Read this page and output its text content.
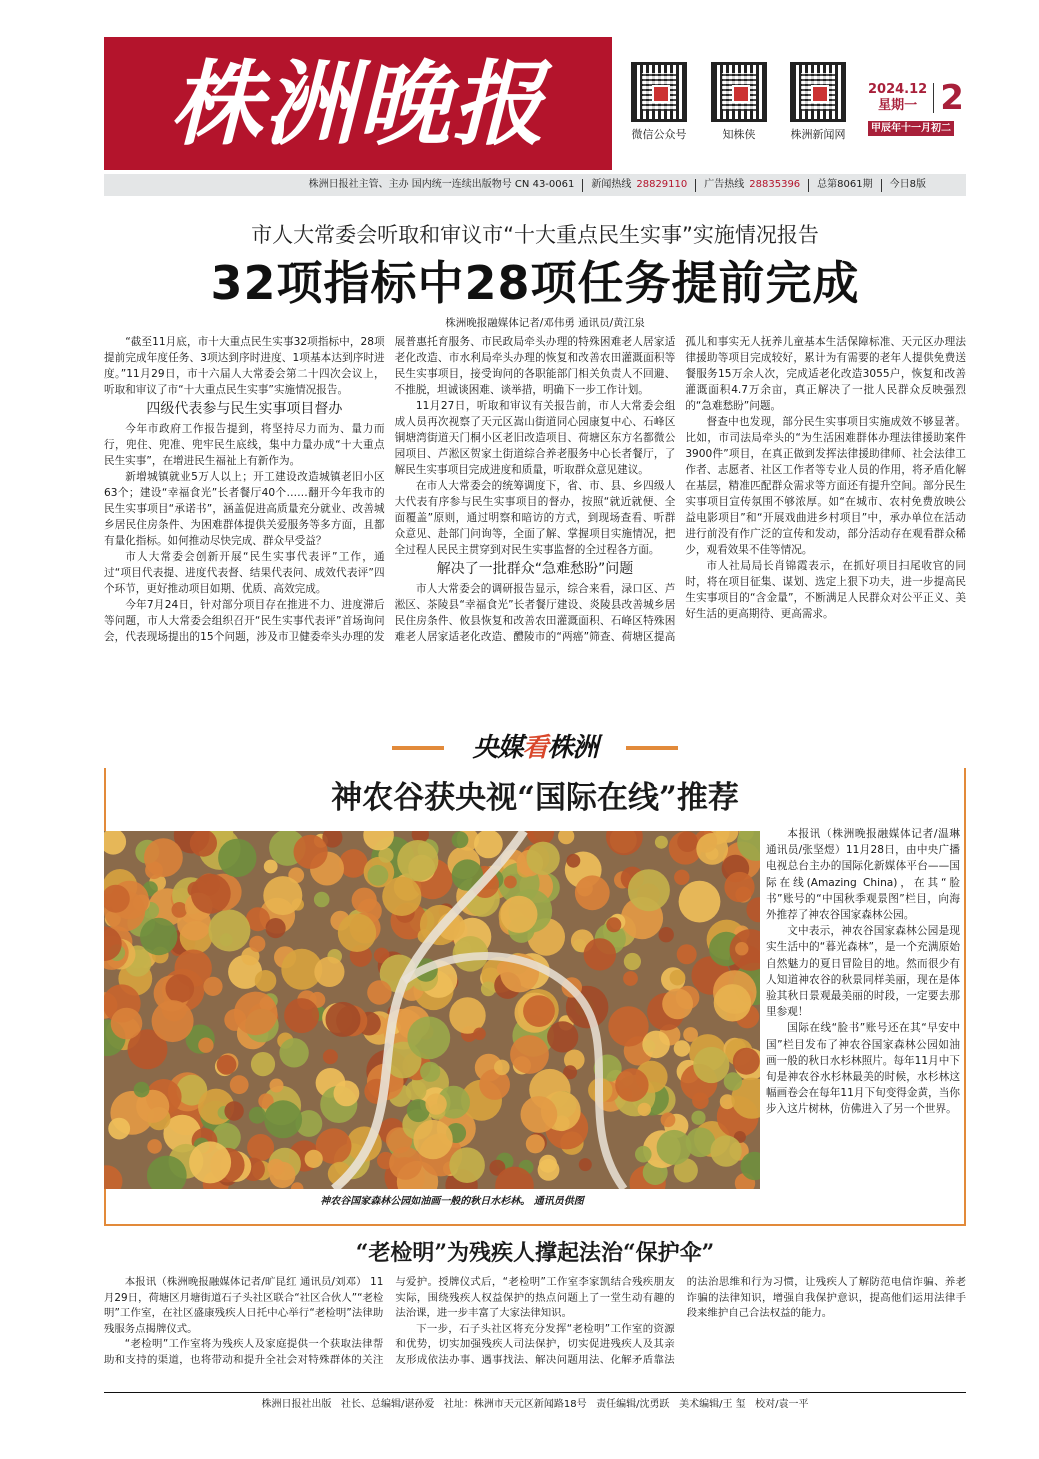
株洲晚报	微信公众号	知株侠	株洲新闻网
2024.12
星期一 2
甲辰年十一月初二
株洲日报社主管、主办 国内统一连续出版物号 CN 43-0061 新闻热线 28829110 广告热线 28835396 总第8061期 今日8版
市人大常委会听取和审议市“十大重点民生实事”实施情况报告
32项指标中28项任务提前完成
株洲晚报融媒体记者/邓伟勇 通讯员/黄江泉

“截至11月底，市十大重点民生实事32项指标中，28项提前完成年度任务、3项达到序时进度、1项基本达到序时进度。”11月29日，市十六届人大常委会第二十四次会议上，听取和审议了市“十大重点民生实事”实施情况报告。

四级代表参与民生实事项目督办

今年市政府工作报告提到，将坚持尽力而为、量力而行，兜住、兜准、兜牢民生底线，集中力量办成“十大重点民生实事”，在增进民生福祉上有新作为。

新增城镇就业5万人以上；开工建设改造城镇老旧小区63个；建设“幸福食光”长者餐厅40个……翻开今年我市的民生实事项目“承诺书”，涵盖促进高质量充分就业、改善城乡居民住房条件、为困难群体提供关爱服务等多方面，且都有量化指标。如何推动尽快完成、群众早受益？

市人大常委会创新开展“民生实事代表评”工作，通过“项目代表提、进度代表督、结果代表问、成效代表评”四个环节，更好推动项目如期、优质、高效完成。

今年7月24日，针对部分项目存在推进不力、进度滞后等问题，市人大常委会组织召开“民生实事代表评”首场询问会，代表现场提出的15个问题，涉及市卫健委牵头办理的发展普惠托育服务、市民政局牵头办理的特殊困难老人居家适老化改造、市水利局牵头办理的恢复和改善农田灌溉面积等民生实事项目，接受询问的各职能部门相关负责人不回避、不推脱，坦诚谈困难、谈举措，明确下一步工作计划。

11月27日，听取和审议有关报告前，市人大常委会组成人员再次视察了天元区嵩山街道同心园康复中心、石峰区铜塘湾街道天门桐小区老旧改造项目、荷塘区东方名都微公园项目、芦淞区贺家土街道综合养老服务中心长者餐厅，了解民生实事项目完成进度和质量，听取群众意见建议。

在市人大常委会的统筹调度下，省、市、县、乡四级人大代表有序参与民生实事项目的督办，按照“就近就便、全面覆盖”原则，通过明察和暗访的方式，到现场查看、听群众意见、赴部门问询等，全面了解、掌握项目实施情况，把全过程人民民主贯穿到对民生实事监督的全过程各方面。

解决了一批群众“急难愁盼”问题

市人大常委会的调研报告显示，综合来看，渌口区、芦淞区、茶陵县“幸福食光”长者餐厅建设、炎陵县改善城乡居民住房条件、攸县恢复和改善农田灌溉面积、石峰区特殊困难老人居家适老化改造、醴陵市的“两癌”筛查、荷塘区提高孤儿和事实无人抚养儿童基本生活保障标准、天元区办理法律援助等项目完成较好，累计为有需要的老年人提供免费送餐服务15万余人次，完成适老化改造3055户，恢复和改善灌溉面积4.7万余亩，真正解决了一批人民群众反映强烈的“急难愁盼”问题。

督查中也发现，部分民生实事项目实施成效不够显著。比如，市司法局牵头的“为生活困难群体办理法律援助案件3900件”项目，在真正做到发挥法律援助律师、社会法律工作者、志愿者、社区工作者等专业人员的作用，将矛盾化解在基层，精准匹配群众需求等方面还有提升空间。部分民生实事项目宣传氛围不够浓厚。如“在城市、农村免费放映公益电影项目”和“开展戏曲进乡村项目”中，承办单位在活动进行前没有作广泛的宣传和发动，部分活动存在观看群众稀少，观看效果不佳等情况。

市人社局局长肖锦霞表示，在抓好项目扫尾收官的同时，将在项目征集、谋划、选定上狠下功夫，进一步提高民生实事项目的“含金量”，不断满足人民群众对公平正义、美好生活的更高期待、更高需求。

央媒看株洲
神农谷获央视“国际在线”推荐

本报讯（株洲晚报融媒体记者/温琳 通讯员/张坚煜）11月28日，由中央广播电视总台主办的国际化新媒体平台——国际在线(Amazing China)，在其“脸书”账号的“中国秋季观景图”栏目，向海外推荐了神农谷国家森林公园。

文中表示，神农谷国家森林公园是现实生活中的“暮光森林”，是一个充满原始自然魅力的夏日冒险目的地。然而很少有人知道神农谷的秋景同样美丽，现在是体验其秋日景观最美丽的时段，一定要去那里参观！

国际在线“脸书”账号还在其“早安中国”栏目发布了神农谷国家森林公园如油画一般的秋日水杉林照片。每年11月中下旬是神农谷水杉林最美的时候，水杉林这幅画卷会在每年11月下旬变得金黄，当你步入这片树林，仿佛进入了另一个世界。

神农谷国家森林公园如油画一般的秋日水杉林。 通讯员供图
“老检明”为残疾人撑起法治“保护伞”

本报讯（株洲晚报融媒体记者/旷昆红 通讯员/刘邓） 11月29日，荷塘区月塘街道石子头社区联合“社区合伙人”“老检明”工作室，在社区盛康残疾人日托中心举行“老检明”法律助残服务点揭牌仪式。

“老检明”工作室将为残疾人及家庭提供一个获取法律帮助和支持的渠道，也将带动和提升全社会对特殊群体的关注与爱护。授牌仪式后，“老检明”工作室李家凯结合残疾朋友实际，围绕残疾人权益保护的热点问题上了一堂生动有趣的法治课，进一步丰富了大家法律知识。

下一步，石子头社区将充分发挥“老检明”工作室的资源和优势，切实加强残疾人司法保护，切实促进残疾人及其亲友形成依法办事、遇事找法、解决问题用法、化解矛盾靠法的法治思维和行为习惯，让残疾人了解防范电信诈骗、养老诈骗的法律知识，增强自我保护意识，提高他们运用法律手段来维护自己合法权益的能力。

株洲日报社出版   社长、总编辑/谌孙爱   社址：株洲市天元区新闻路18号   责任编辑/沈勇跃   美术编辑/王 玺   校对/袁一平
